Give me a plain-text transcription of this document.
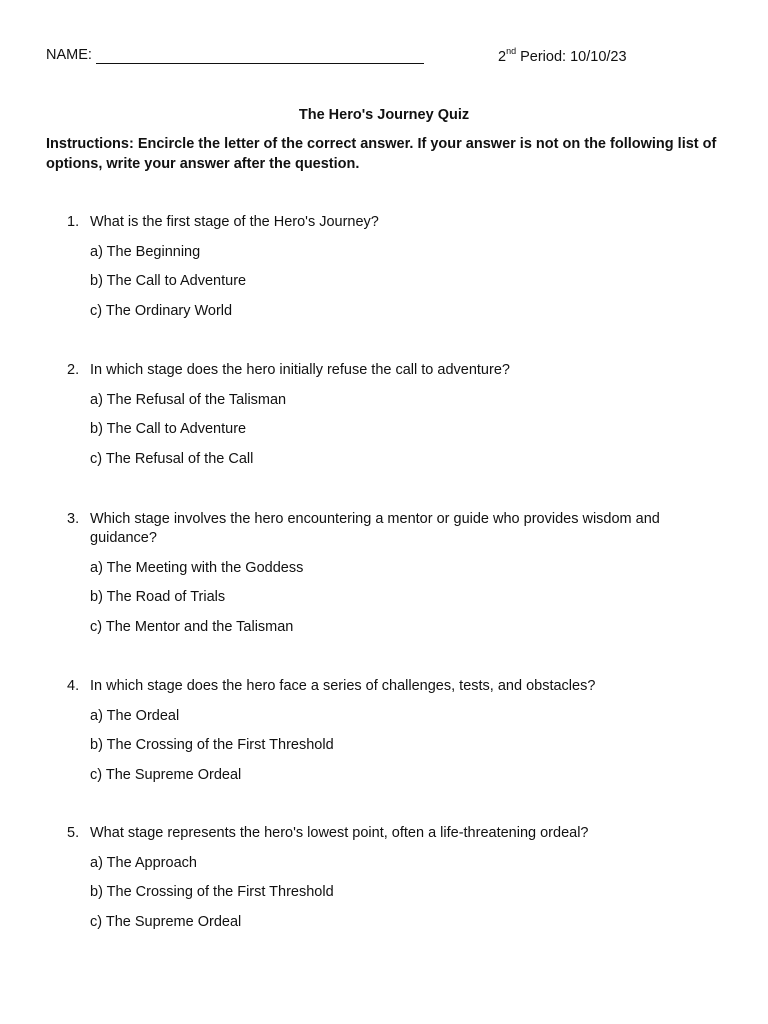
NAME:	2nd Period: 10/10/23
The Hero's Journey Quiz
Instructions: Encircle the letter of the correct answer. If your answer is not on the following list of options, write your answer after the question.
1. What is the first stage of the Hero's Journey?
a) The Beginning
b) The Call to Adventure
c) The Ordinary World
2. In which stage does the hero initially refuse the call to adventure?
a) The Refusal of the Talisman
b) The Call to Adventure
c) The Refusal of the Call
3. Which stage involves the hero encountering a mentor or guide who provides wisdom and guidance?
a) The Meeting with the Goddess
b) The Road of Trials
c) The Mentor and the Talisman
4. In which stage does the hero face a series of challenges, tests, and obstacles?
a) The Ordeal
b) The Crossing of the First Threshold
c) The Supreme Ordeal
5. What stage represents the hero's lowest point, often a life-threatening ordeal?
a) The Approach
b) The Crossing of the First Threshold
c) The Supreme Ordeal
